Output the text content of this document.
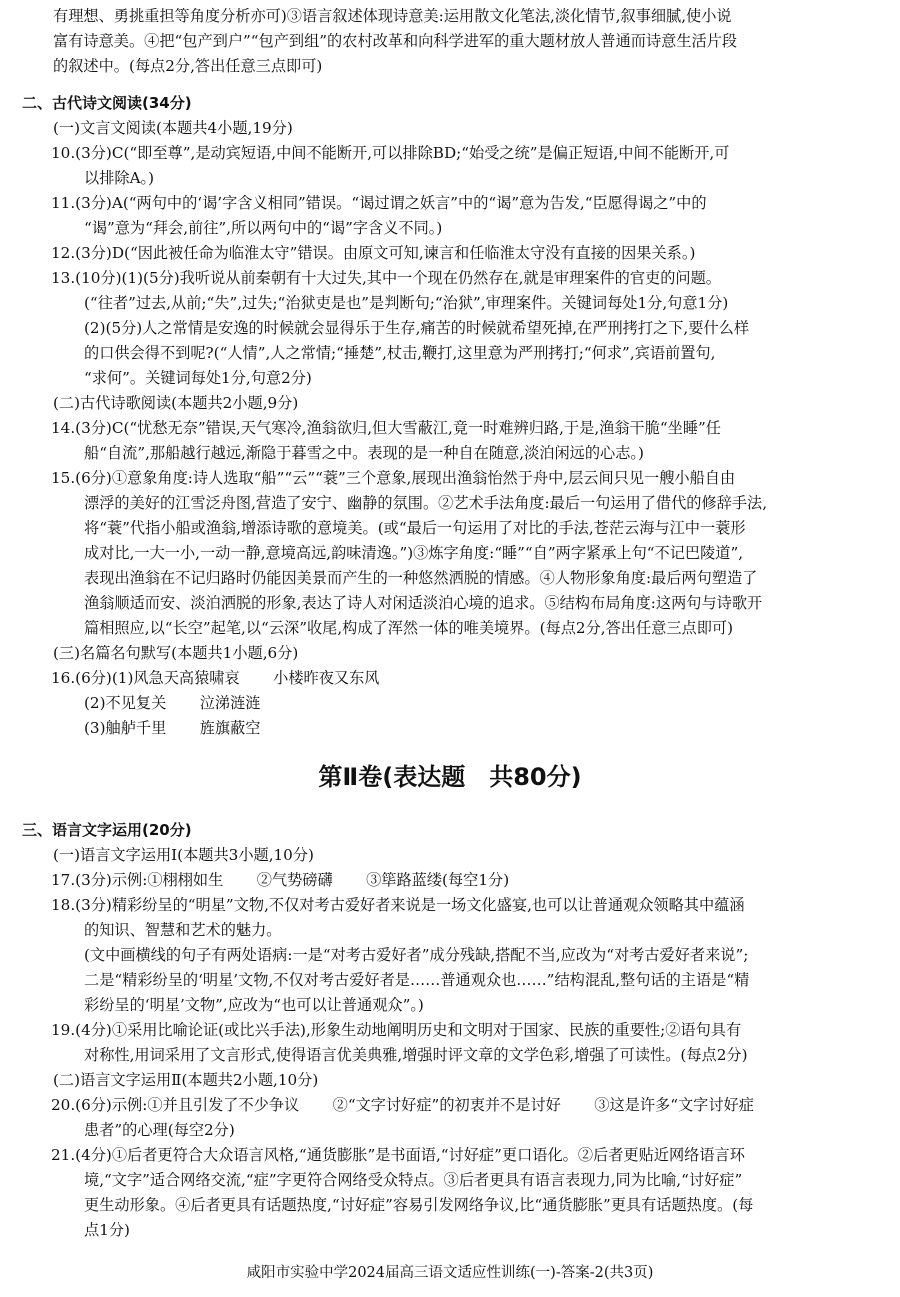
有理想、勇挑重担等角度分析亦可)③语言叙述体现诗意美:运用散文化笔法,淡化情节,叙事细腻,使小说
富有诗意美。④把“包产到户”“包产到组”的农村改革和向科学进军的重大题材放人普通而诗意生活片段
的叙述中。(每点2分,答出任意三点即可)
二、古代诗文阅读(34分)
(一)文言文阅读(本题共4小题,19分)
10.(3分)C(“即至尊”,是动宾短语,中间不能断开,可以排除BD;“始受之统”是偏正短语,中间不能断开,可
以排除A。)
11.(3分)A(“两句中的‘谒’字含义相同”错误。“谒过谓之妖言”中的“谒”意为告发,“臣愿得谒之”中的
“谒”意为“拜会,前往”,所以两句中的“谒”字含义不同。)
12.(3分)D(“因此被任命为临淮太守”错误。由原文可知,谏言和任临淮太守没有直接的因果关系。)
13.(10分)(1)(5分)我听说从前秦朝有十大过失,其中一个现在仍然存在,就是审理案件的官吏的问题。
(“往者”过去,从前;“失”,过失;“治狱吏是也”是判断句;“治狱”,审理案件。关键词每处1分,句意1分)
(2)(5分)人之常情是安逸的时候就会显得乐于生存,痛苦的时候就希望死掉,在严刑拷打之下,要什么样
的口供会得不到呢?(“人情”,人之常情;“捶楚”,杖击,鞭打,这里意为严刑拷打;“何求”,宾语前置句,
“求何”。关键词每处1分,句意2分)
(二)古代诗歌阅读(本题共2小题,9分)
14.(3分)C(“忧愁无奈”错误,天气寒冷,渔翁欲归,但大雪蔽江,竟一时难辨归路,于是,渔翁干脆“坐睡”任
船“自流”,那船越行越远,渐隐于暮雪之中。表现的是一种自在随意,淡泊闲远的心志。)
15.(6分)①意象角度:诗人选取“船”“云”“蓑”三个意象,展现出渔翁怡然于舟中,层云间只见一艘小船自由
漂浮的美好的江雪泛舟图,营造了安宁、幽静的氛围。②艺术手法角度:最后一句运用了借代的修辞手法,
将“蓑”代指小船或渔翁,增添诗歌的意境美。(或“最后一句运用了对比的手法,苍茫云海与江中一蓑形
成对比,一大一小,一动一静,意境高远,韵味清逸。”)③炼字角度:“睡”“自”两字紧承上句“不记巴陵道”,
表现出渔翁在不记归路时仍能因美景而产生的一种悠然洒脱的情感。④人物形象角度:最后两句塑造了
渔翁顺适而安、淡泊洒脱的形象,表达了诗人对闲适淡泊心境的追求。⑤结构布局角度:这两句与诗歌开
篇相照应,以“长空”起笔,以“云深”收尾,构成了浑然一体的唯美境界。(每点2分,答出任意三点即可)
(三)名篇名句默写(本题共1小题,6分)
16.(6分)(1)风急天高猿啸哀 小楼昨夜又东风
(2)不见复关 泣涕涟涟
(3)舳舻千里 旌旗蔽空
第Ⅱ卷(表达题　共80分)
三、语言文字运用(20分)
(一)语言文字运用Ⅰ(本题共3小题,10分)
17.(3分)示例:①栩栩如生 ②气势磅礴 ③筚路蓝缕(每空1分)
18.(3分)精彩纷呈的“明星”文物,不仅对考古爱好者来说是一场文化盛宴,也可以让普通观众领略其中蕴涵
的知识、智慧和艺术的魅力。
(文中画横线的句子有两处语病:一是“对考古爱好者”成分残缺,搭配不当,应改为“对考古爱好者来说”;
二是“精彩纷呈的‘明星’文物,不仅对考古爱好者是……普通观众也……”结构混乱,整句话的主语是“精
彩纷呈的‘明星’文物”,应改为“也可以让普通观众”。)
19.(4分)①采用比喻论证(或比兴手法),形象生动地阐明历史和文明对于国家、民族的重要性;②语句具有
对称性,用词采用了文言形式,使得语言优美典雅,增强时评文章的文学色彩,增强了可读性。(每点2分)
(二)语言文字运用Ⅱ(本题共2小题,10分)
20.(6分)示例:①并且引发了不少争议 ②“文字讨好症”的初衷并不是讨好 ③这是许多“文字讨好症
患者”的心理(每空2分)
21.(4分)①后者更符合大众语言风格,“通货膨胀”是书面语,“讨好症”更口语化。②后者更贴近网络语言环
境,“文字”适合网络交流,“症”字更符合网络受众特点。③后者更具有语言表现力,同为比喻,“讨好症”
更生动形象。④后者更具有话题热度,“讨好症”容易引发网络争议,比“通货膨胀”更具有话题热度。(每
点1分)
咸阳市实验中学2024届高三语文适应性训练(一)-答案-2(共3页)
